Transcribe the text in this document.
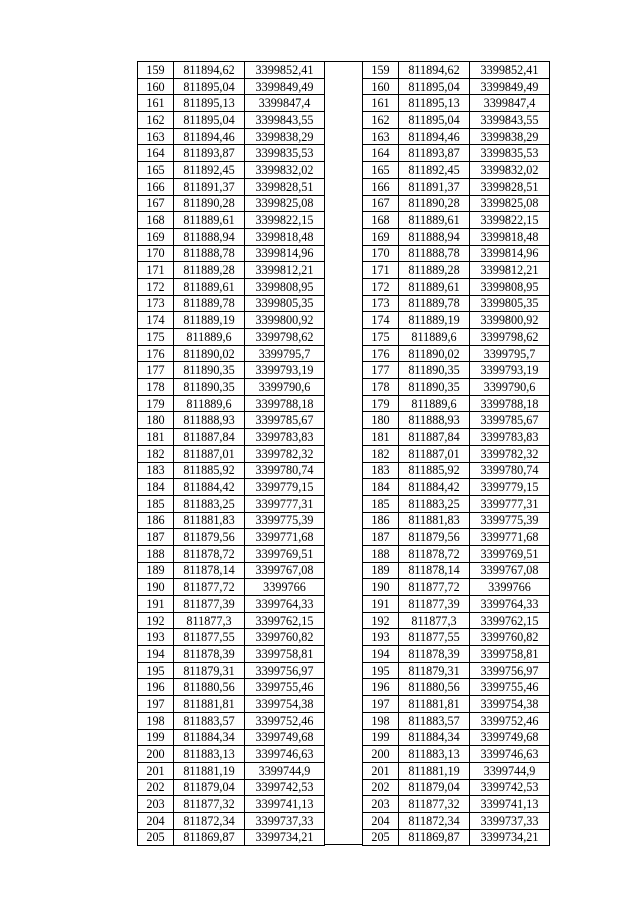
159	811894,62	3399852,41
160	811895,04	3399849,49
161	811895,13	3399847,4
162	811895,04	3399843,55
163	811894,46	3399838,29
164	811893,87	3399835,53
165	811892,45	3399832,02
166	811891,37	3399828,51
167	811890,28	3399825,08
168	811889,61	3399822,15
169	811888,94	3399818,48
170	811888,78	3399814,96
171	811889,28	3399812,21
172	811889,61	3399808,95
173	811889,78	3399805,35
174	811889,19	3399800,92
175	811889,6	3399798,62
176	811890,02	3399795,7
177	811890,35	3399793,19
178	811890,35	3399790,6
179	811889,6	3399788,18
180	811888,93	3399785,67
181	811887,84	3399783,83
182	811887,01	3399782,32
183	811885,92	3399780,74
184	811884,42	3399779,15
185	811883,25	3399777,31
186	811881,83	3399775,39
187	811879,56	3399771,68
188	811878,72	3399769,51
189	811878,14	3399767,08
190	811877,72	3399766
191	811877,39	3399764,33
192	811877,3	3399762,15
193	811877,55	3399760,82
194	811878,39	3399758,81
195	811879,31	3399756,97
196	811880,56	3399755,46
197	811881,81	3399754,38
198	811883,57	3399752,46
199	811884,34	3399749,68
200	811883,13	3399746,63
201	811881,19	3399744,9
202	811879,04	3399742,53
203	811877,32	3399741,13
204	811872,34	3399737,33
205	811869,87	3399734,21
159	811894,62	3399852,41
160	811895,04	3399849,49
161	811895,13	3399847,4
162	811895,04	3399843,55
163	811894,46	3399838,29
164	811893,87	3399835,53
165	811892,45	3399832,02
166	811891,37	3399828,51
167	811890,28	3399825,08
168	811889,61	3399822,15
169	811888,94	3399818,48
170	811888,78	3399814,96
171	811889,28	3399812,21
172	811889,61	3399808,95
173	811889,78	3399805,35
174	811889,19	3399800,92
175	811889,6	3399798,62
176	811890,02	3399795,7
177	811890,35	3399793,19
178	811890,35	3399790,6
179	811889,6	3399788,18
180	811888,93	3399785,67
181	811887,84	3399783,83
182	811887,01	3399782,32
183	811885,92	3399780,74
184	811884,42	3399779,15
185	811883,25	3399777,31
186	811881,83	3399775,39
187	811879,56	3399771,68
188	811878,72	3399769,51
189	811878,14	3399767,08
190	811877,72	3399766
191	811877,39	3399764,33
192	811877,3	3399762,15
193	811877,55	3399760,82
194	811878,39	3399758,81
195	811879,31	3399756,97
196	811880,56	3399755,46
197	811881,81	3399754,38
198	811883,57	3399752,46
199	811884,34	3399749,68
200	811883,13	3399746,63
201	811881,19	3399744,9
202	811879,04	3399742,53
203	811877,32	3399741,13
204	811872,34	3399737,33
205	811869,87	3399734,21
